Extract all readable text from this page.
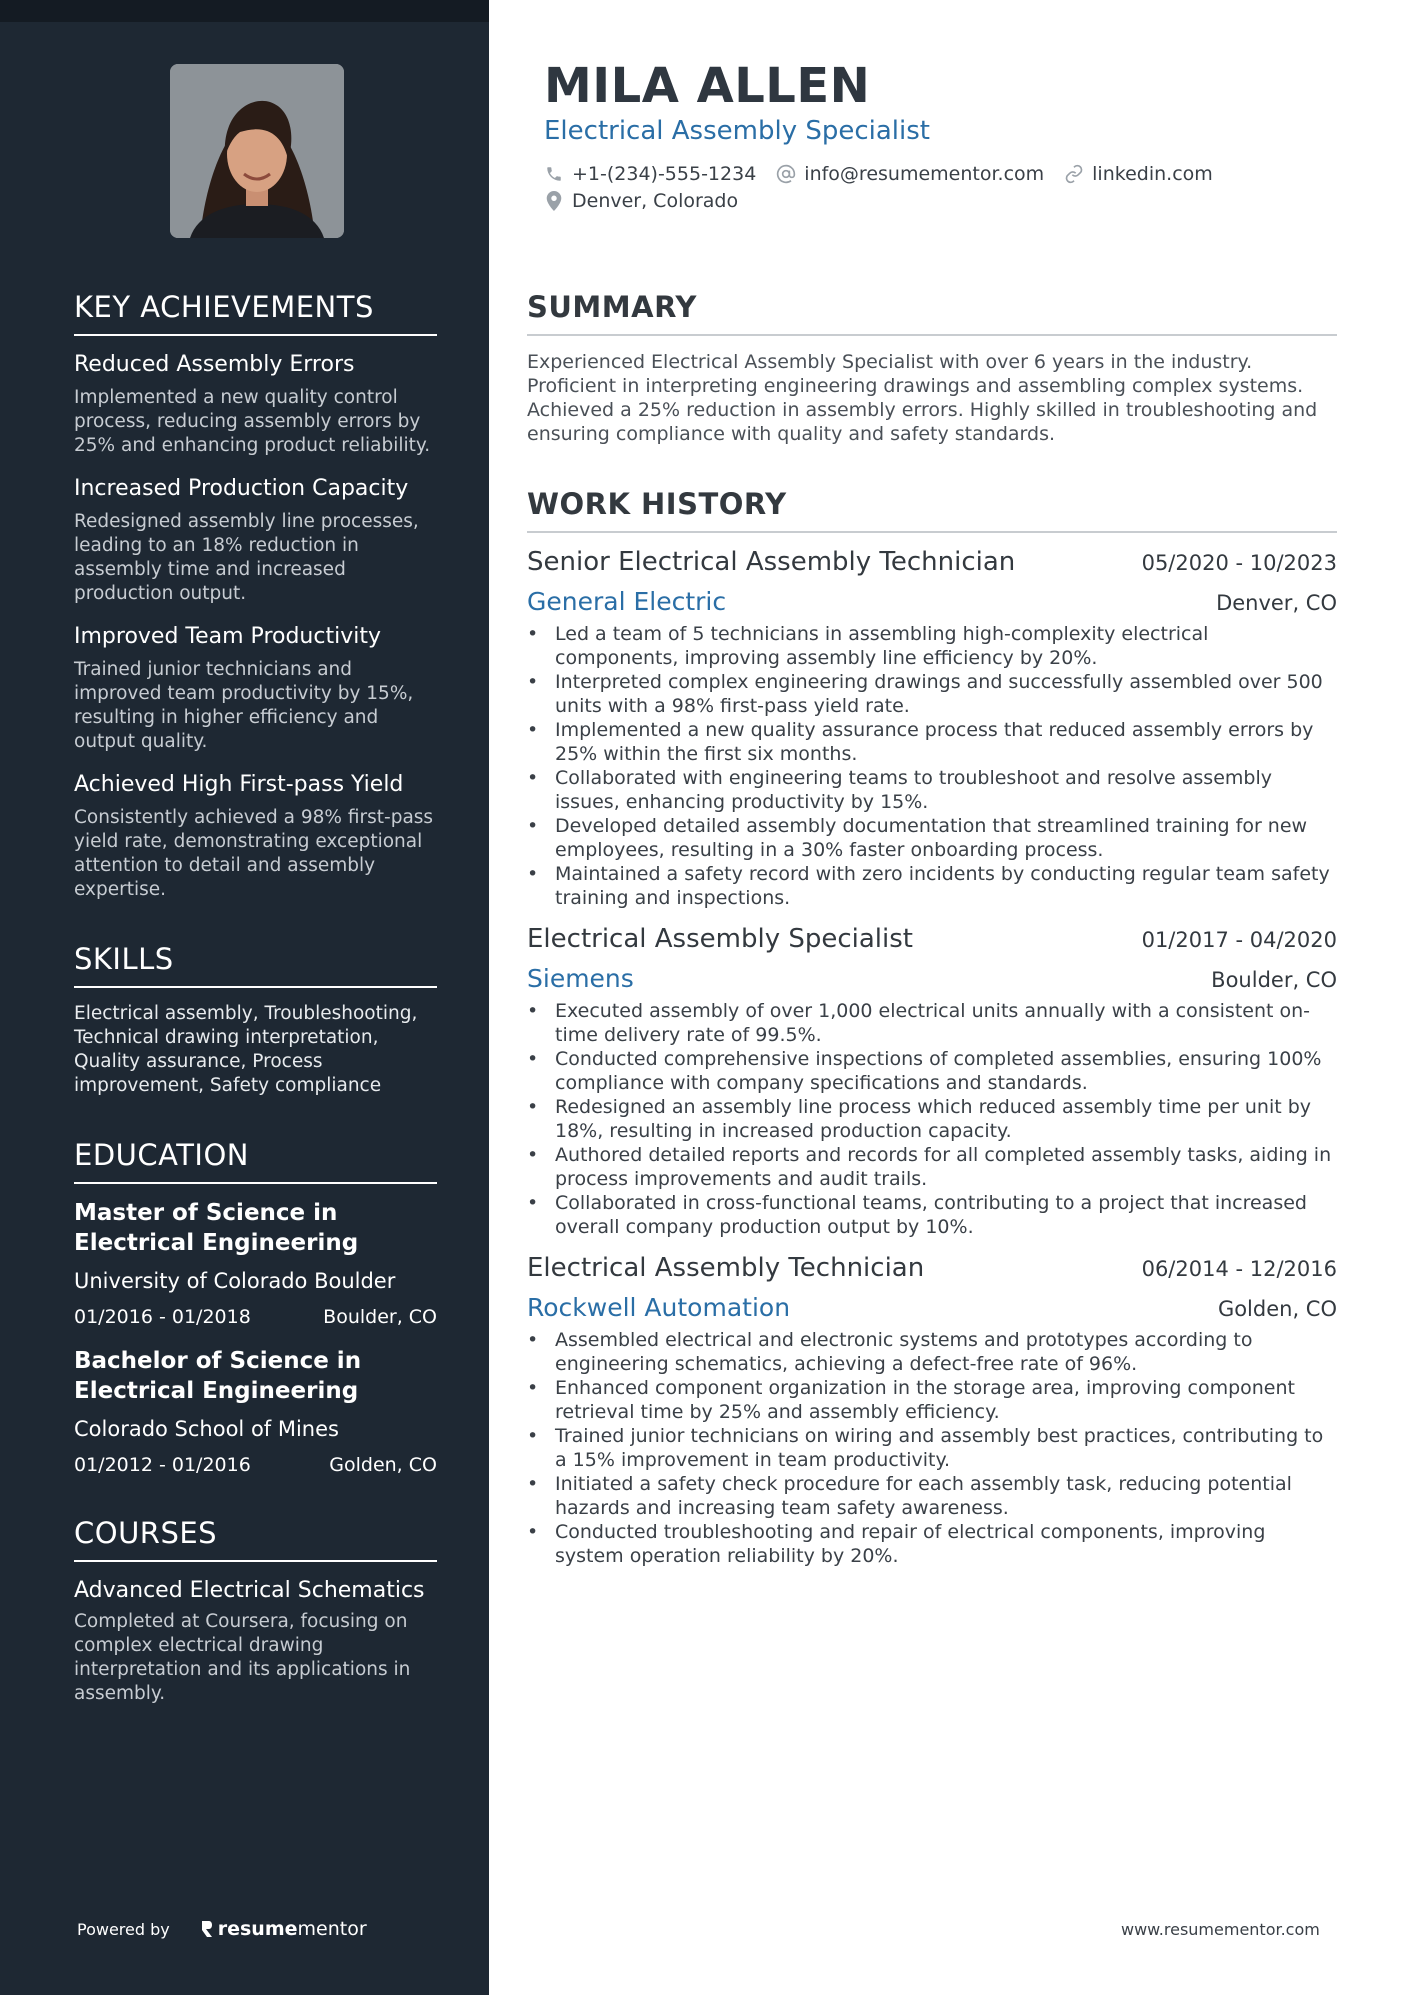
KEY ACHIEVEMENTS
Reduced Assembly Errors
Implemented a new quality control process, reducing assembly errors by 25% and enhancing product reliability.
Increased Production Capacity
Redesigned assembly line processes, leading to an 18% reduction in assembly time and increased production output.
Improved Team Productivity
Trained junior technicians and improved team productivity by 15%, resulting in higher efficiency and output quality.
Achieved High First-pass Yield
Consistently achieved a 98% first-pass yield rate, demonstrating exceptional attention to detail and assembly expertise.
SKILLS
Electrical assembly, Troubleshooting, Technical drawing interpretation, Quality assurance, Process improvement, Safety compliance
EDUCATION
Master of Science in Electrical Engineering
University of Colorado Boulder
01/2016 - 01/2018	Boulder, CO
Bachelor of Science in Electrical Engineering
Colorado School of Mines
01/2012 - 01/2016	Golden, CO
COURSES
Advanced Electrical Schematics
Completed at Coursera, focusing on complex electrical drawing interpretation and its applications in assembly.
Powered by	resume mentor
MILA ALLEN
Electrical Assembly Specialist
+1-(234)-555-1234	info@resumementor.com	linkedin.com
Denver, Colorado
SUMMARY

Experienced Electrical Assembly Specialist with over 6 years in the industry. Proficient in interpreting engineering drawings and assembling complex systems. Achieved a 25% reduction in assembly errors. Highly skilled in troubleshooting and ensuring compliance with quality and safety standards.

WORK HISTORY
Senior Electrical Assembly Technician	05/2020 - 10/2023
General Electric	Denver, CO
• Led a team of 5 technicians in assembling high-complexity electrical components, improving assembly line efficiency by 20%.
• Interpreted complex engineering drawings and successfully assembled over 500 units with a 98% first-pass yield rate.
• Implemented a new quality assurance process that reduced assembly errors by 25% within the first six months.
• Collaborated with engineering teams to troubleshoot and resolve assembly issues, enhancing productivity by 15%.
• Developed detailed assembly documentation that streamlined training for new employees, resulting in a 30% faster onboarding process.
• Maintained a safety record with zero incidents by conducting regular team safety training and inspections.
Electrical Assembly Specialist	01/2017 - 04/2020
Siemens	Boulder, CO
• Executed assembly of over 1,000 electrical units annually with a consistent on-time delivery rate of 99.5%.
• Conducted comprehensive inspections of completed assemblies, ensuring 100% compliance with company specifications and standards.
• Redesigned an assembly line process which reduced assembly time per unit by 18%, resulting in increased production capacity.
• Authored detailed reports and records for all completed assembly tasks, aiding in process improvements and audit trails.
• Collaborated in cross-functional teams, contributing to a project that increased overall company production output by 10%.
Electrical Assembly Technician	06/2014 - 12/2016
Rockwell Automation	Golden, CO
• Assembled electrical and electronic systems and prototypes according to engineering schematics, achieving a defect-free rate of 96%.
• Enhanced component organization in the storage area, improving component retrieval time by 25% and assembly efficiency.
• Trained junior technicians on wiring and assembly best practices, contributing to a 15% improvement in team productivity.
• Initiated a safety check procedure for each assembly task, reducing potential hazards and increasing team safety awareness.
• Conducted troubleshooting and repair of electrical components, improving system operation reliability by 20%.
www.resumementor.com
